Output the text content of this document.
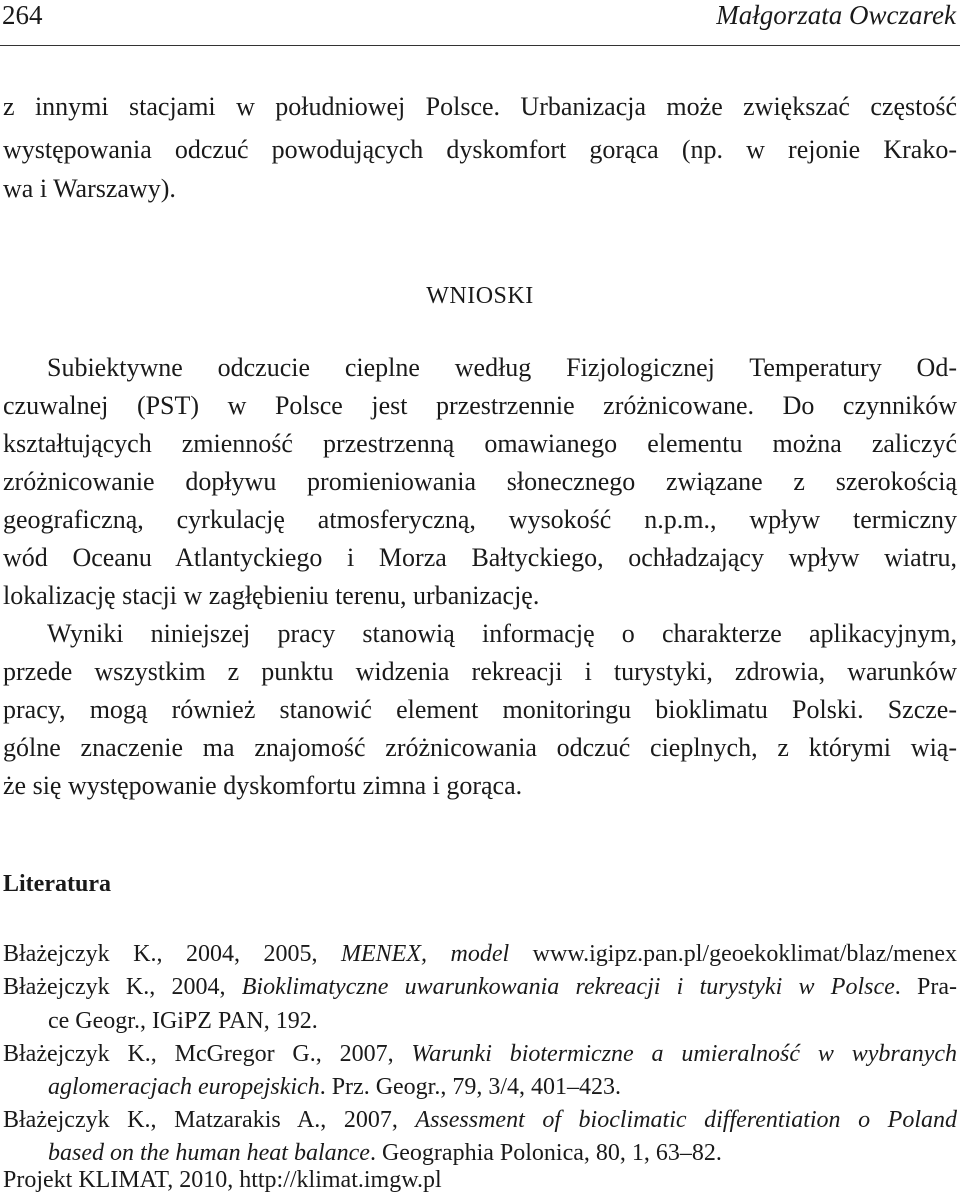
264	Małgorzata Owczarek
z innymi stacjami w południowej Polsce. Urbanizacja może zwiększać częstość
występowania odczuć powodujących dyskomfort gorąca (np. w rejonie Krako-
wa i Warszawy).
WNIOSKI
Subiektywne odczucie cieplne według Fizjologicznej Temperatury Od-
czuwalnej (PST) w Polsce jest przestrzennie zróżnicowane. Do czynników
kształtujących zmienność przestrzenną omawianego elementu można zaliczyć
zróżnicowanie dopływu promieniowania słonecznego związane z szerokością
geograficzną, cyrkulację atmosferyczną, wysokość n.p.m., wpływ termiczny
wód Oceanu Atlantyckiego i Morza Bałtyckiego, ochładzający wpływ wiatru,
lokalizację stacji w zagłębieniu terenu, urbanizację.
Wyniki niniejszej pracy stanowią informację o charakterze aplikacyjnym,
przede wszystkim z punktu widzenia rekreacji i turystyki, zdrowia, warunków
pracy, mogą również stanowić element monitoringu bioklimatu Polski. Szcze-
gólne znaczenie ma znajomość zróżnicowania odczuć cieplnych, z którymi wią-
że się występowanie dyskomfortu zimna i gorąca.
Literatura
Błażejczyk K., 2004, 2005, MENEX, model www.igipz.pan.pl/geoekoklimat/blaz/menex
Błażejczyk K., 2004, Bioklimatyczne uwarunkowania rekreacji i turystyki w Polsce. Pra-
ce Geogr., IGiPZ PAN, 192.
Błażejczyk K., McGregor G., 2007, Warunki biotermiczne a umieralność w wybranych
aglomeracjach europejskich. Prz. Geogr., 79, 3/4, 401–423.
Błażejczyk K., Matzarakis A., 2007, Assessment of bioclimatic differentiation o Poland
based on the human heat balance. Geographia Polonica, 80, 1, 63–82.
Projekt KLIMAT, 2010, http://klimat.imgw.pl
